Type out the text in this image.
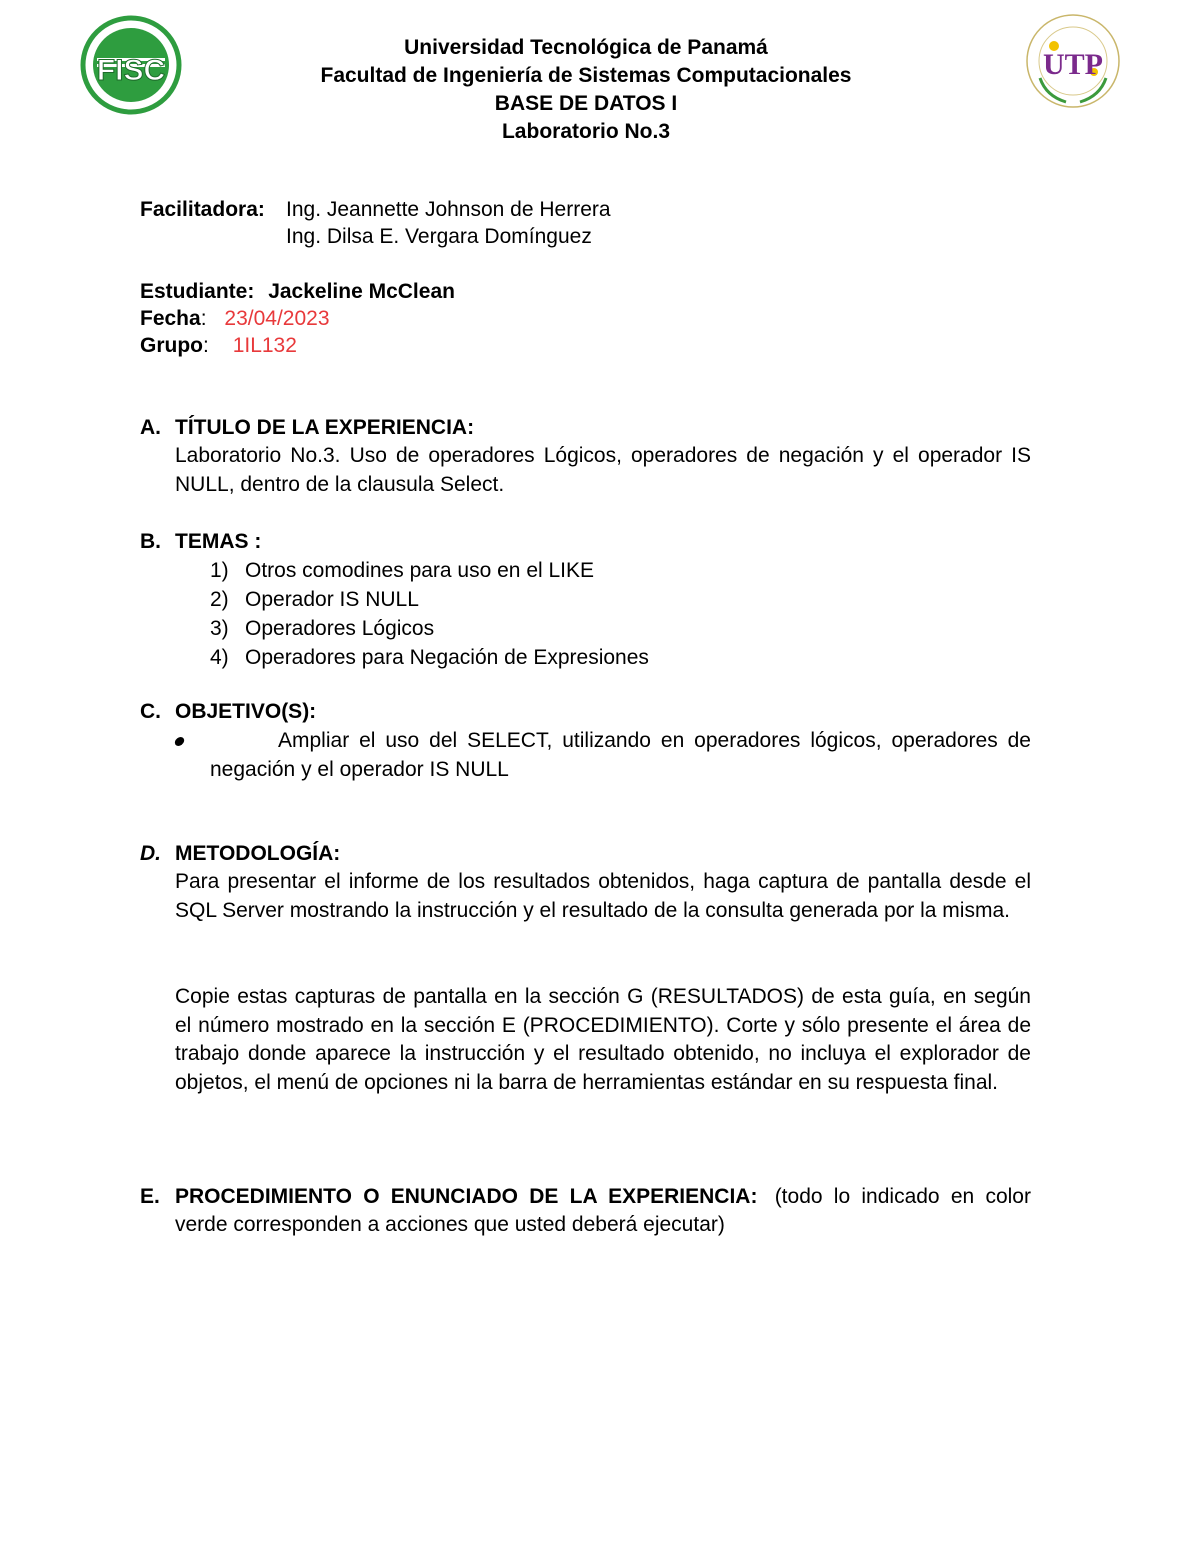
FISC
Universidad Tecnológica de Panamá
Facultad de Ingeniería de Sistemas Computacionales
BASE DE DATOS I
Laboratorio No.3
UTP
Facilitadora: Ing. Jeannette Johnson de Herrera
Ing. Dilsa E. Vergara Domínguez
Estudiante: Jackeline McClean
Fecha: 23/04/2023
Grupo: 1IL132
A. TÍTULO DE LA EXPERIENCIA:
Laboratorio No.3. Uso de operadores Lógicos, operadores de negación y el operador IS NULL, dentro de la clausula Select.
B. TEMAS :
1) Otros comodines para uso en el LIKE
2) Operador IS NULL
3) Operadores Lógicos
4) Operadores para Negación de Expresiones
C. OBJETIVO(S):
Ampliar el uso del SELECT, utilizando en operadores lógicos, operadores de negación y el operador IS NULL
D. METODOLOGÍA:
Para presentar el informe de los resultados obtenidos, haga captura de pantalla desde el SQL Server mostrando la instrucción y el resultado de la consulta generada por la misma.
Copie estas capturas de pantalla en la sección G (RESULTADOS) de esta guía, en según el número mostrado en la sección E (PROCEDIMIENTO). Corte y sólo presente el área de trabajo donde aparece la instrucción y el resultado obtenido, no incluya el explorador de objetos, el menú de opciones ni la barra de herramientas estándar en su respuesta final.
E. PROCEDIMIENTO O ENUNCIADO DE LA EXPERIENCIA: (todo lo indicado en color verde corresponden a acciones que usted deberá ejecutar)
